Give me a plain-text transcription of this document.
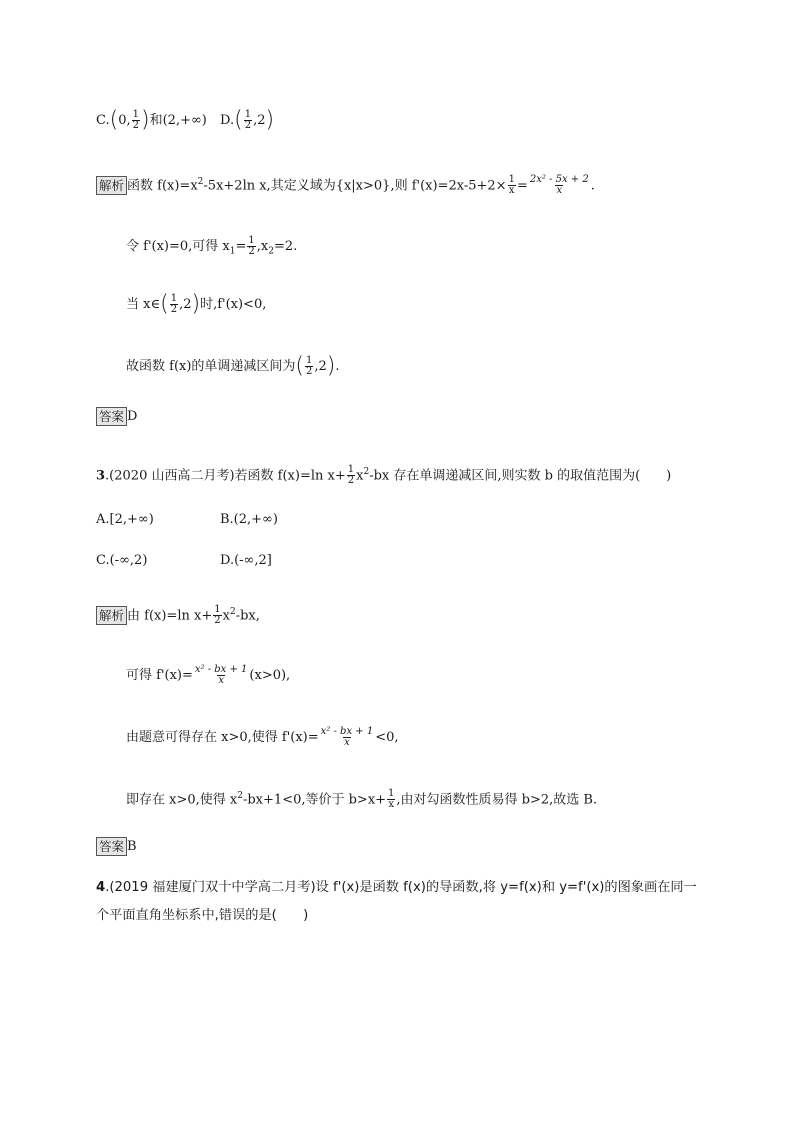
C.(0, $\frac{1}{2}$ )和(2,+∞) $D.( \frac{1}{2} ,2)$
解析 函数 $f(x)=x^2-5x+2\ln$ x,其定义域为{x|x>0},则 $f'(x)=2x-5+2\times \frac{1}{x} = \frac{\text{2x² - 5x + 2}}{x}$ .
令 f'(x)=0,可得 $x_1= \frac{1}{2} ,x_2=2$.
当 x∈( $\frac{1}{2} ,2$)时,f'(x)<0,
故函数 f(x)的单调递减区间为( $\frac{1}{2} ,2$).
答案 D
3.(2020 山西高二月考)若函数 f(x)=ln $x+ \frac{1}{2} x^2-bx$ 存在单调递减区间,则实数 b 的取值范围为(　　)
A.[2,+∞)	B.(2,+∞)
C.(-∞,2)	D.(-∞,2]
解析 由 f(x)=ln $x+ \frac{1}{2} x^2-bx$,
可得 $f'(x)= \frac{\text{x² - bx + 1}}{x} (x>0)$,
由题意可得存在 x>0,使得 $f'(x)= \frac{\text{x² - bx + 1}}{x} <0$,
即存在 x>0,使得 $x^2-bx+1<0$,等价于 $b>x+ \frac{1}{x}$ ,由对勾函数性质易得 b>2,故选 B.
答案 B
4.(2019 福建厦门双十中学高二月考)设 f'(x)是函数 f(x)的导函数,将 y=f(x)和 y=f'(x)的图象画在同一
个平面直角坐标系中,错误的是(　　)
